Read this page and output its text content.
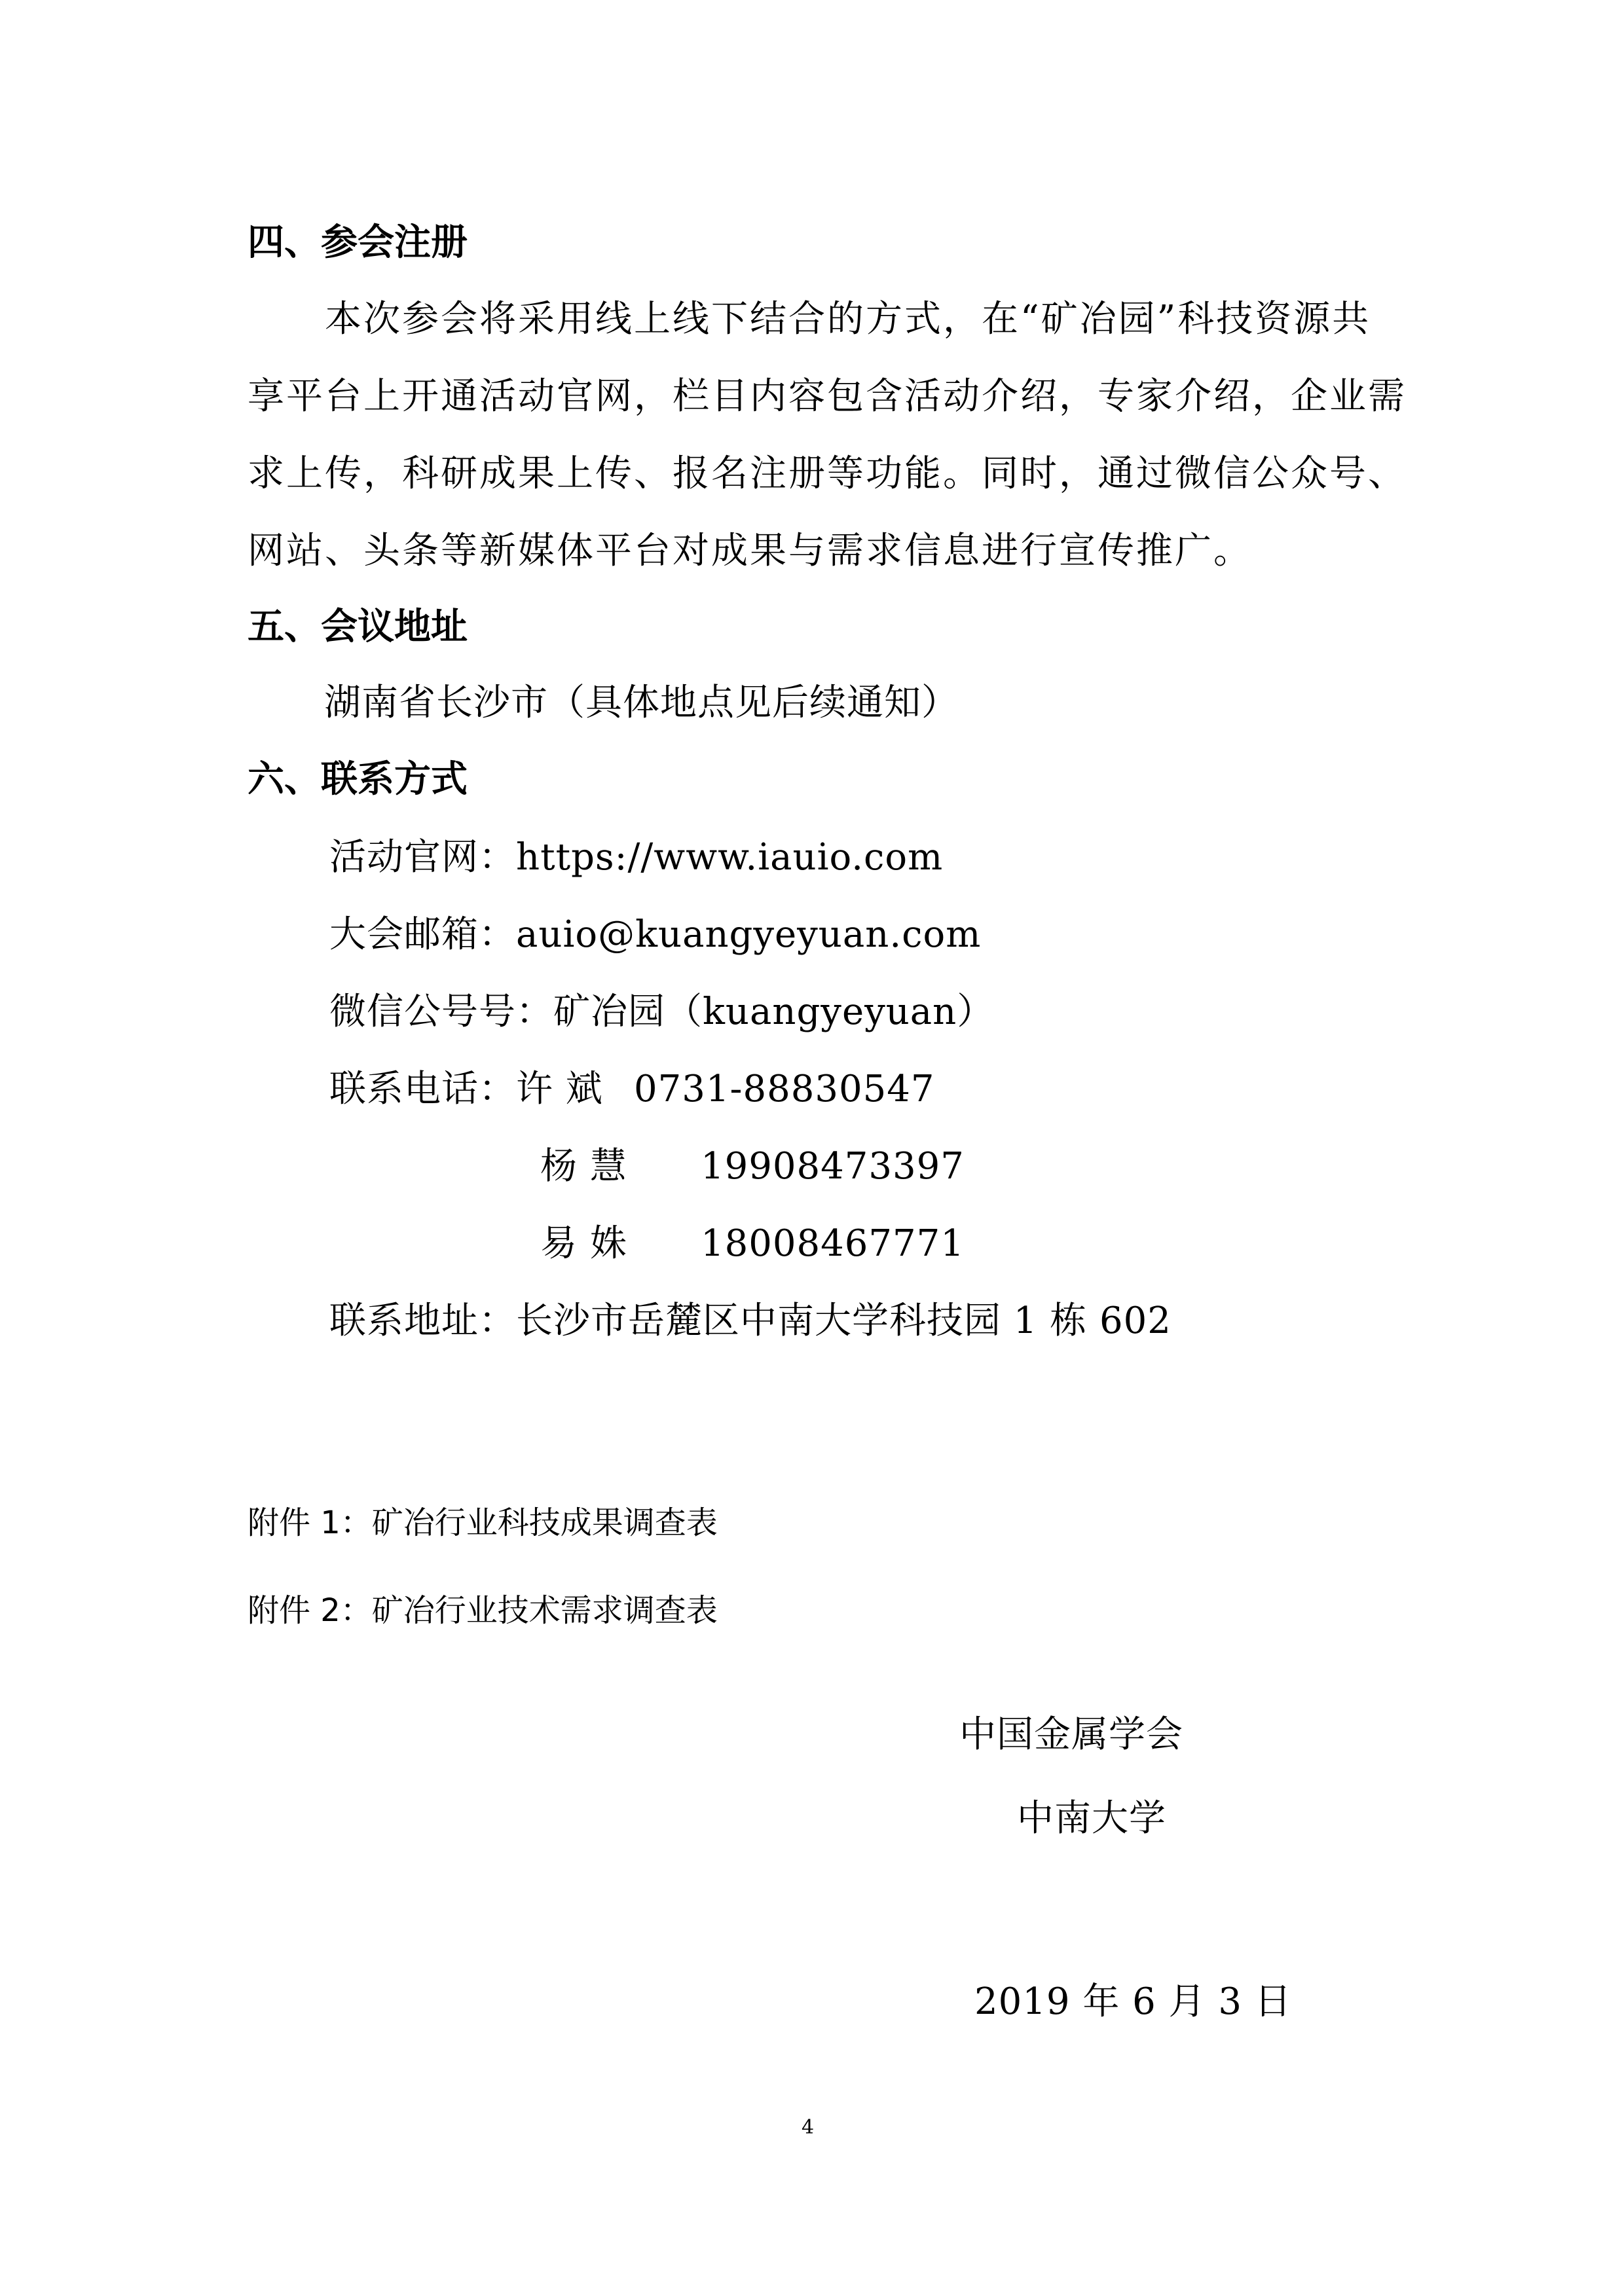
四、参会注册
　　本次参会将采用线上线下结合的方式，在“矿冶园”科技资源共
享平台上开通活动官网，栏目内容包含活动介绍，专家介绍，企业需
求上传，科研成果上传、报名注册等功能。同时，通过微信公众号、
网站、头条等新媒体平台对成果与需求信息进行宣传推广。
五、会议地址
湖南省长沙市（具体地点见后续通知）
六、联系方式
活动官网：https://www.iauio.com
大会邮箱：auio@kuangyeyuan.com
微信公号号：矿冶园（kuangyeyuan）
联系电话：许 斌 0731-88830547
杨 慧 19908473397
易 姝 18008467771
联系地址：长沙市岳麓区中南大学科技园 1 栋 602
附件 1：矿冶行业科技成果调查表
附件 2：矿冶行业技术需求调查表
中国金属学会
中南大学
2019 年 6 月 3 日
4
